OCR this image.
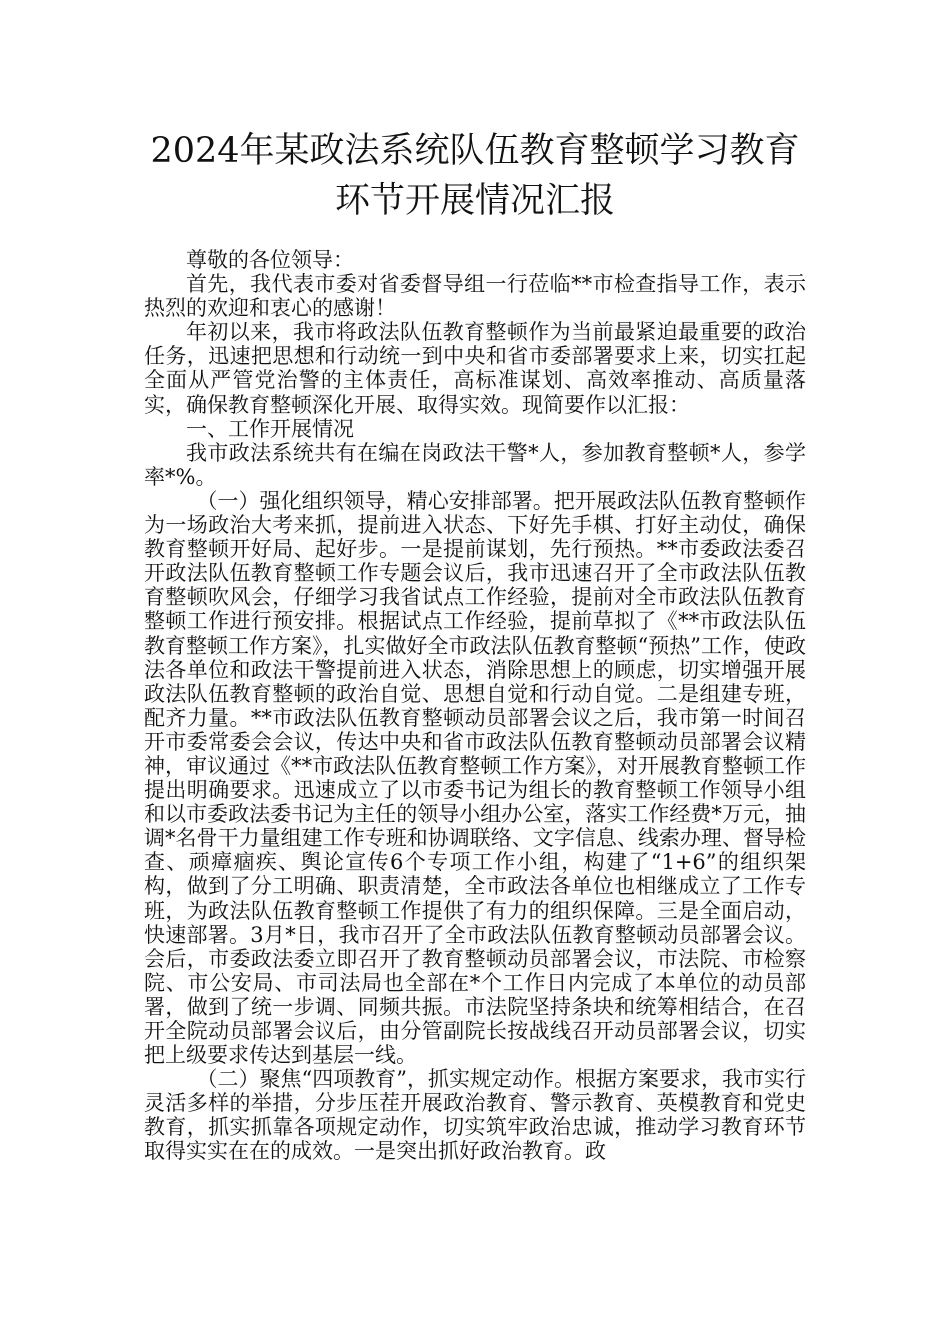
2024年某政法系统队伍教育整顿学习教育
环节开展情况汇报

尊敬的各位领导：

首先，我代表市委对省委督导组一行莅临**市检查指导工作，表示热烈的欢迎和衷心的感谢！

年初以来，我市将政法队伍教育整顿作为当前最紧迫最重要的政治任务，迅速把思想和行动统一到中央和省市委部署要求上来，切实扛起全面从严管党治警的主体责任，高标准谋划、高效率推动、高质量落实，确保教育整顿深化开展、取得实效。现简要作以汇报：

一、工作开展情况

我市政法系统共有在编在岗政法干警*人，参加教育整顿*人，参学率*%。

（一）强化组织领导，精心安排部署。把开展政法队伍教育整顿作为一场政治大考来抓，提前进入状态、下好先手棋、打好主动仗，确保教育整顿开好局、起好步。一是提前谋划，先行预热。**市委政法委召开政法队伍教育整顿工作专题会议后，我市迅速召开了全市政法队伍教育整顿吹风会，仔细学习我省试点工作经验，提前对全市政法队伍教育整顿工作进行预安排。根据试点工作经验，提前草拟了《**市政法队伍教育整顿工作方案》，扎实做好全市政法队伍教育整顿“预热”工作，使政法各单位和政法干警提前进入状态，消除思想上的顾虑，切实增强开展政法队伍教育整顿的政治自觉、思想自觉和行动自觉。二是组建专班，配齐力量。**市政法队伍教育整顿动员部署会议之后，我市第一时间召开市委常委会会议，传达中央和省市政法队伍教育整顿动员部署会议精神，审议通过《**市政法队伍教育整顿工作方案》，对开展教育整顿工作提出明确要求。迅速成立了以市委书记为组长的教育整顿工作领导小组和以市委政法委书记为主任的领导小组办公室，落实工作经费*万元，抽调*名骨干力量组建工作专班和协调联络、文字信息、线索办理、督导检查、顽瘴痼疾、舆论宣传6个专项工作小组，构建了“1+6”的组织架构，做到了分工明确、职责清楚，全市政法各单位也相继成立了工作专班，为政法队伍教育整顿工作提供了有力的组织保障。三是全面启动，快速部署。3月*日，我市召开了全市政法队伍教育整顿动员部署会议。会后，市委政法委立即召开了教育整顿动员部署会议，市法院、市检察院、市公安局、市司法局也全部在*个工作日内完成了本单位的动员部署，做到了统一步调、同频共振。市法院坚持条块和统筹相结合，在召开全院动员部署会议后，由分管副院长按战线召开动员部署会议，切实把上级要求传达到基层一线。

（二）聚焦“四项教育”，抓实规定动作。根据方案要求，我市实行灵活多样的举措，分步压茬开展政治教育、警示教育、英模教育和党史教育，抓实抓靠各项规定动作，切实筑牢政治忠诚，推动学习教育环节取得实实在在的成效。一是突出抓好政治教育。政
